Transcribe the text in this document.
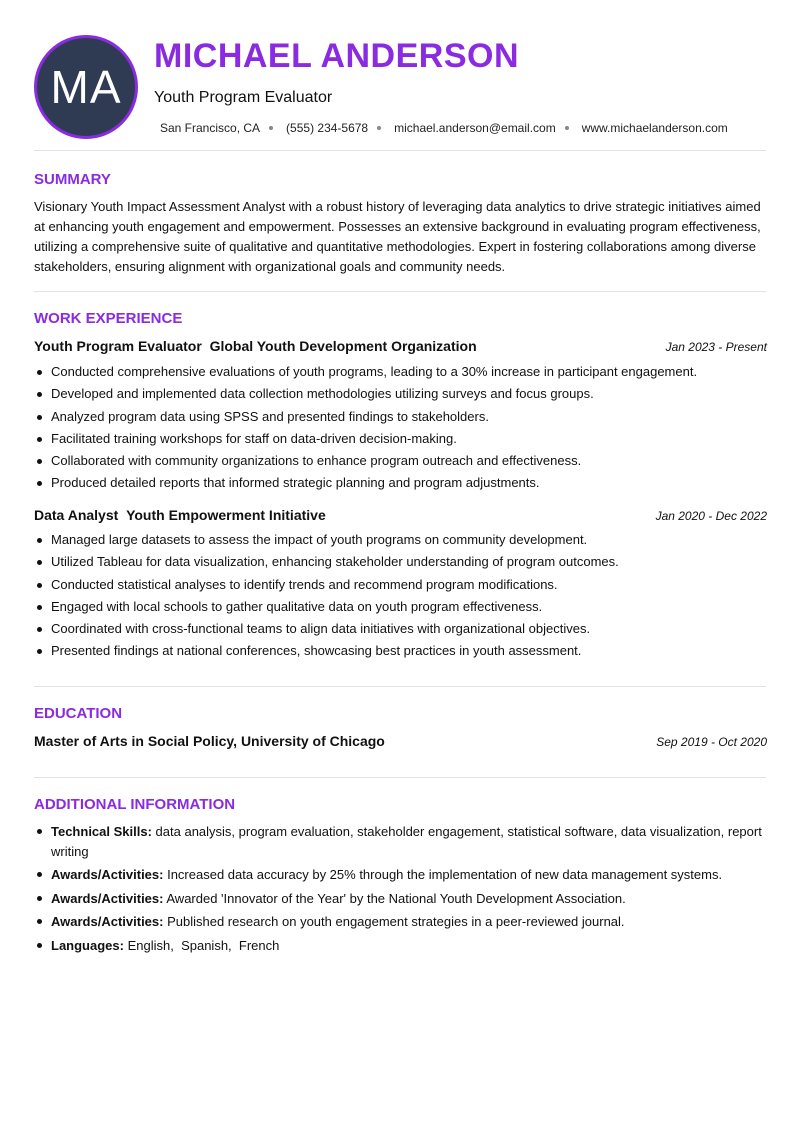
MA
MICHAEL ANDERSON
Youth Program Evaluator
San Francisco, CA (555) 234-5678 michael.anderson@email.com www.michaelanderson.com
SUMMARY
Visionary Youth Impact Assessment Analyst with a robust history of leveraging data analytics to drive strategic initiatives aimed at enhancing youth engagement and empowerment. Possesses an extensive background in evaluating program effectiveness, utilizing a comprehensive suite of qualitative and quantitative methodologies. Expert in fostering collaborations among diverse stakeholders, ensuring alignment with organizational goals and community needs.
WORK EXPERIENCE
Youth Program Evaluator Global Youth Development Organization	Jan 2023 - Present
Conducted comprehensive evaluations of youth programs, leading to a 30% increase in participant engagement.
Developed and implemented data collection methodologies utilizing surveys and focus groups.
Analyzed program data using SPSS and presented findings to stakeholders.
Facilitated training workshops for staff on data-driven decision-making.
Collaborated with community organizations to enhance program outreach and effectiveness.
Produced detailed reports that informed strategic planning and program adjustments.
Data Analyst Youth Empowerment Initiative	Jan 2020 - Dec 2022
Managed large datasets to assess the impact of youth programs on community development.
Utilized Tableau for data visualization, enhancing stakeholder understanding of program outcomes.
Conducted statistical analyses to identify trends and recommend program modifications.
Engaged with local schools to gather qualitative data on youth program effectiveness.
Coordinated with cross-functional teams to align data initiatives with organizational objectives.
Presented findings at national conferences, showcasing best practices in youth assessment.
EDUCATION
Master of Arts in Social Policy, University of Chicago	Sep 2019 - Oct 2020
ADDITIONAL INFORMATION
Technical Skills: data analysis, program evaluation, stakeholder engagement, statistical software, data visualization, report writing
Awards/Activities: Increased data accuracy by 25% through the implementation of new data management systems.
Awards/Activities: Awarded 'Innovator of the Year' by the National Youth Development Association.
Awards/Activities: Published research on youth engagement strategies in a peer-reviewed journal.
Languages: English,  Spanish,  French
